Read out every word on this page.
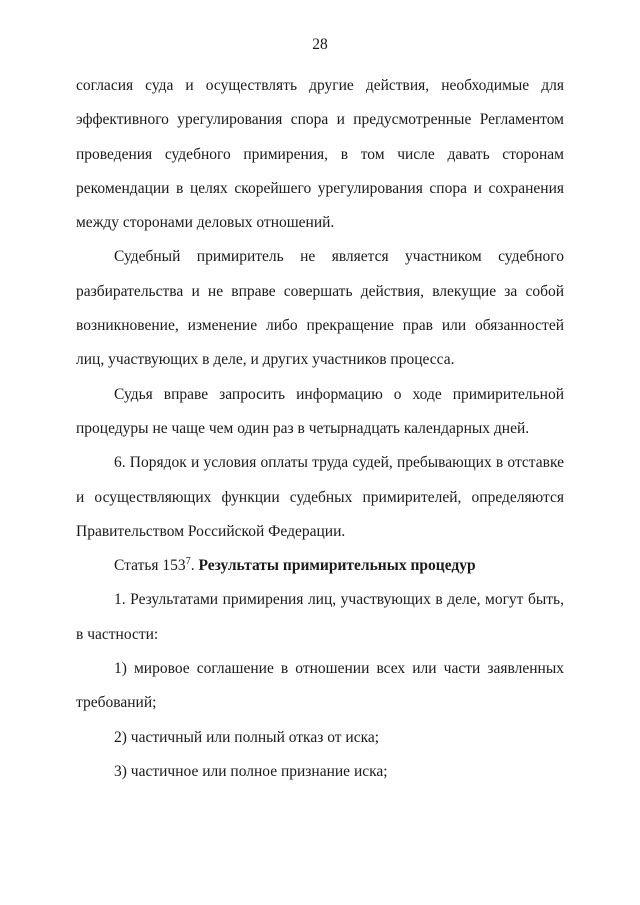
28

согласия суда и осуществлять другие действия, необходимые для эффективного урегулирования спора и предусмотренные Регламентом проведения судебного примирения, в том числе давать сторонам рекомендации в целях скорейшего урегулирования спора и сохранения между сторонами деловых отношений.

Судебный примиритель не является участником судебного разбирательства и не вправе совершать действия, влекущие за собой возникновение, изменение либо прекращение прав или обязанностей лиц, участвующих в деле, и других участников процесса.

Судья вправе запросить информацию о ходе примирительной процедуры не чаще чем один раз в четырнадцать календарных дней.

6. Порядок и условия оплаты труда судей, пребывающих в отставке и осуществляющих функции судебных примирителей, определяются Правительством Российской Федерации.

Статья $153^7$. Результаты примирительных процедур

1. Результатами примирения лиц, участвующих в деле, могут быть, в частности:

1) мировое соглашение в отношении всех или части заявленных требований;

2) частичный или полный отказ от иска;

3) частичное или полное признание иска;
